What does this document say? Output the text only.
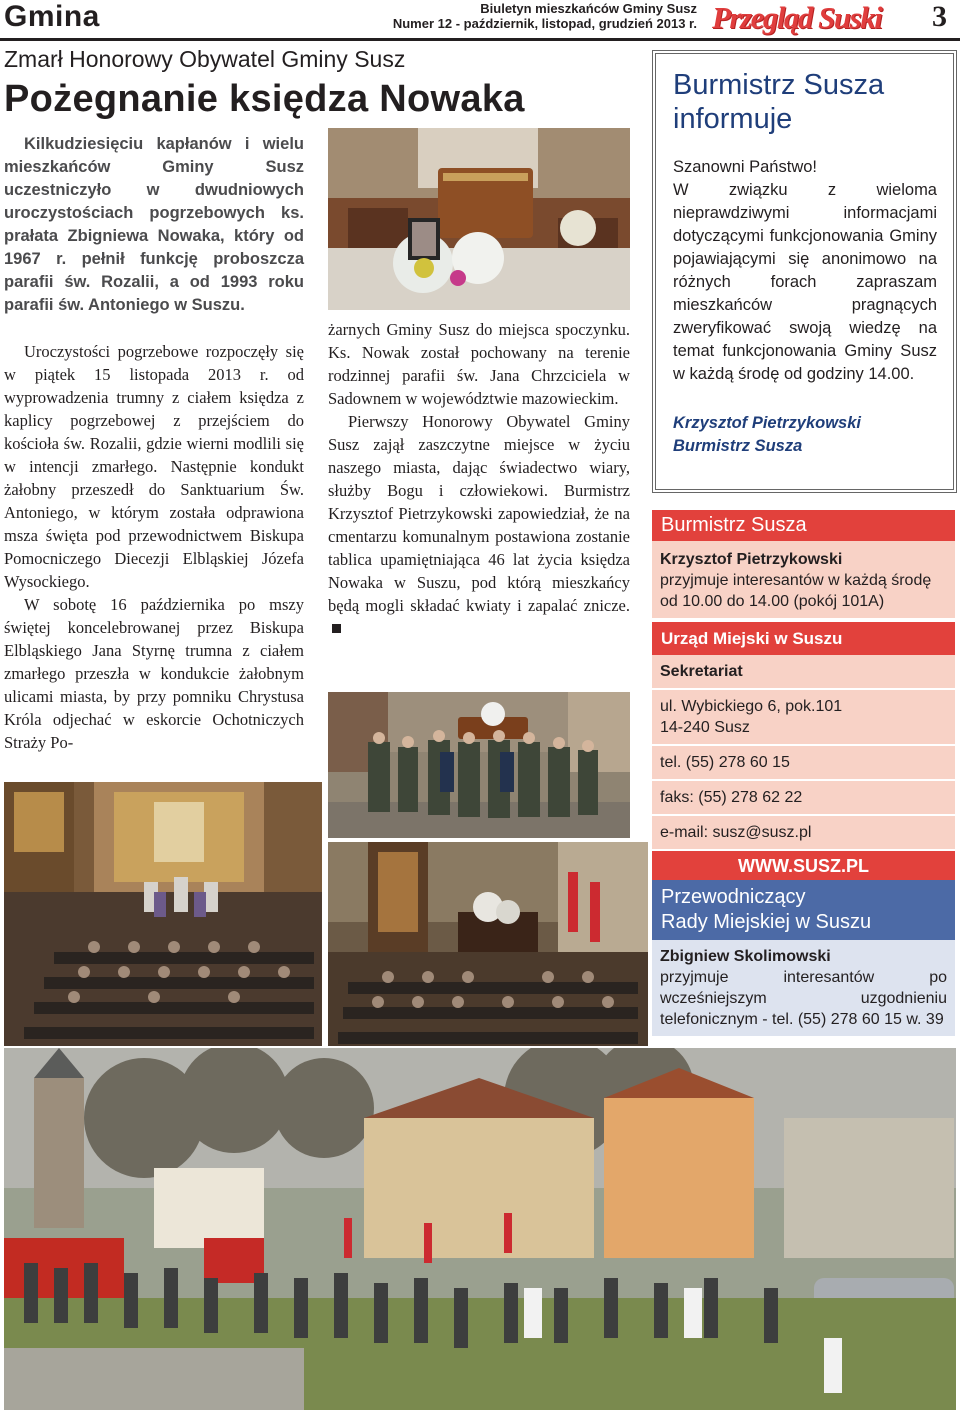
Gmina	Biuletyn mieszkańców Gminy Susz
Numer 12 - październik, listopad, grudzień 2013 r. Przegląd Suski 3
Zmarł Honorowy Obywatel Gminy Susz
Pożegnanie księdza Nowaka

Kilkudziesięciu kapłanów i wielu mieszkańców Gminy Susz uczestniczyło w dwudniowych uroczystościach pogrzebowych ks. prałata Zbigniewa Nowaka, który od 1967 r. pełnił funkcję proboszcza parafii św. Rozalii, a od 1993 roku parafii św. Antoniego w Suszu.

Uroczystości pogrzebowe rozpoczęły się w piątek 15 listopada 2013 r. od wyprowadzenia trumny z ciałem księdza z kaplicy pogrzebowej z przejściem do kościoła św. Rozalii, gdzie wierni modlili się w intencji zmarłego. Następnie kondukt żałobny przeszedł do Sanktuarium Św. Antoniego, w którym została odprawiona msza święta pod przewodnictwem Biskupa Pomocniczego Diecezji Elbląskiej Józefa Wysockiego.

W sobotę 16 października po mszy świętej koncelebrowanej przez Biskupa Elbląskiego Jana Styrnę trumna z ciałem zmarłego przeszła w kondukcie żałobnym ulicami miasta, by przy pomniku Chrystusa Króla odjechać w eskorcie Ochotniczych Straży Po-

żarnych Gminy Susz do miejsca spoczynku. Ks. Nowak został pochowany na terenie rodzinnej parafii św. Jana Chrzciciela w Sadownem w województwie mazowieckim.

Pierwszy Honorowy Obywatel Gminy Susz zajął zaszczytne miejsce w życiu naszego miasta, dając świadectwo wiary, służby Bogu i człowiekowi. Burmistrz Krzysztof Pietrzykowski zapowiedział, że na cmentarzu komunalnym postawiona zostanie tablica upamiętniająca 46 lat życia księdza Nowaka w Suszu, pod którą mieszkańcy będą mogli składać kwiaty i zapalać znicze.

Burmistrz Susza
informuje
Szanowni Państwo!
W związku z wieloma nieprawdziwymi informacjami dotyczącymi funkcjonowania Gminy pojawiającymi się anonimowo na różnych forach zapraszam mieszkańców pragnących zweryfikować swoją wiedzę na temat funkcjonowania Gminy Susz w każdą środę od godziny 14.00.
Krzysztof Pietrzykowski
Burmistrz Susza
Burmistrz Susza
Krzysztof Pietrzykowski
przyjmuje interesantów w każdą środę od 10.00 do 14.00 (pokój 101A)
Urząd Miejski w Suszu
Sekretariat
ul. Wybickiego 6, pok.101
14-240 Susz
tel. (55) 278 60 15
faks: (55) 278 62 22
e-mail: susz@susz.pl
WWW.SUSZ.PL
Przewodniczący
Rady Miejskiej w Suszu
Zbigniew Skolimowski
przyjmuje interesantów po wcześniejszym uzgodnieniu telefonicznym - tel. (55) 278 60 15 w. 39
